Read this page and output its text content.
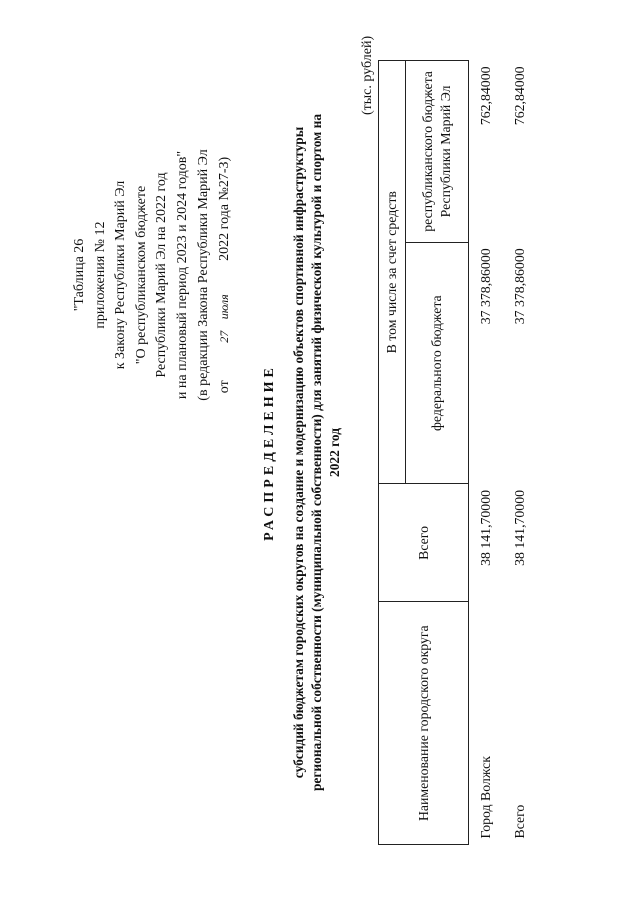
"Таблица 26 приложения № 12 к Закону Республики Марий Эл "О республиканском бюджете Республики Марий Эл на 2022 год и на плановый период 2023 и 2024 годов" (в редакции Закона Республики Марий Эл от 27 июля 2022 года №27-З)
РАСПРЕДЕЛЕНИЕ субсидий бюджетам городских округов на создание и модернизацию объектов спортивной инфраструктуры региональной собственности (муниципальной собственности) для занятий физической культурой и спортом на 2022 год
(тыс. рублей)
Наименование городского округа	Всего	В том числе за счет средств	
		федерального бюджета	республиканского бюджета Республики Марий Эл
Город Волжск	38 141,70000	37 378,86000	762,84000
Всего	38 141,70000	37 378,86000	762,84000
